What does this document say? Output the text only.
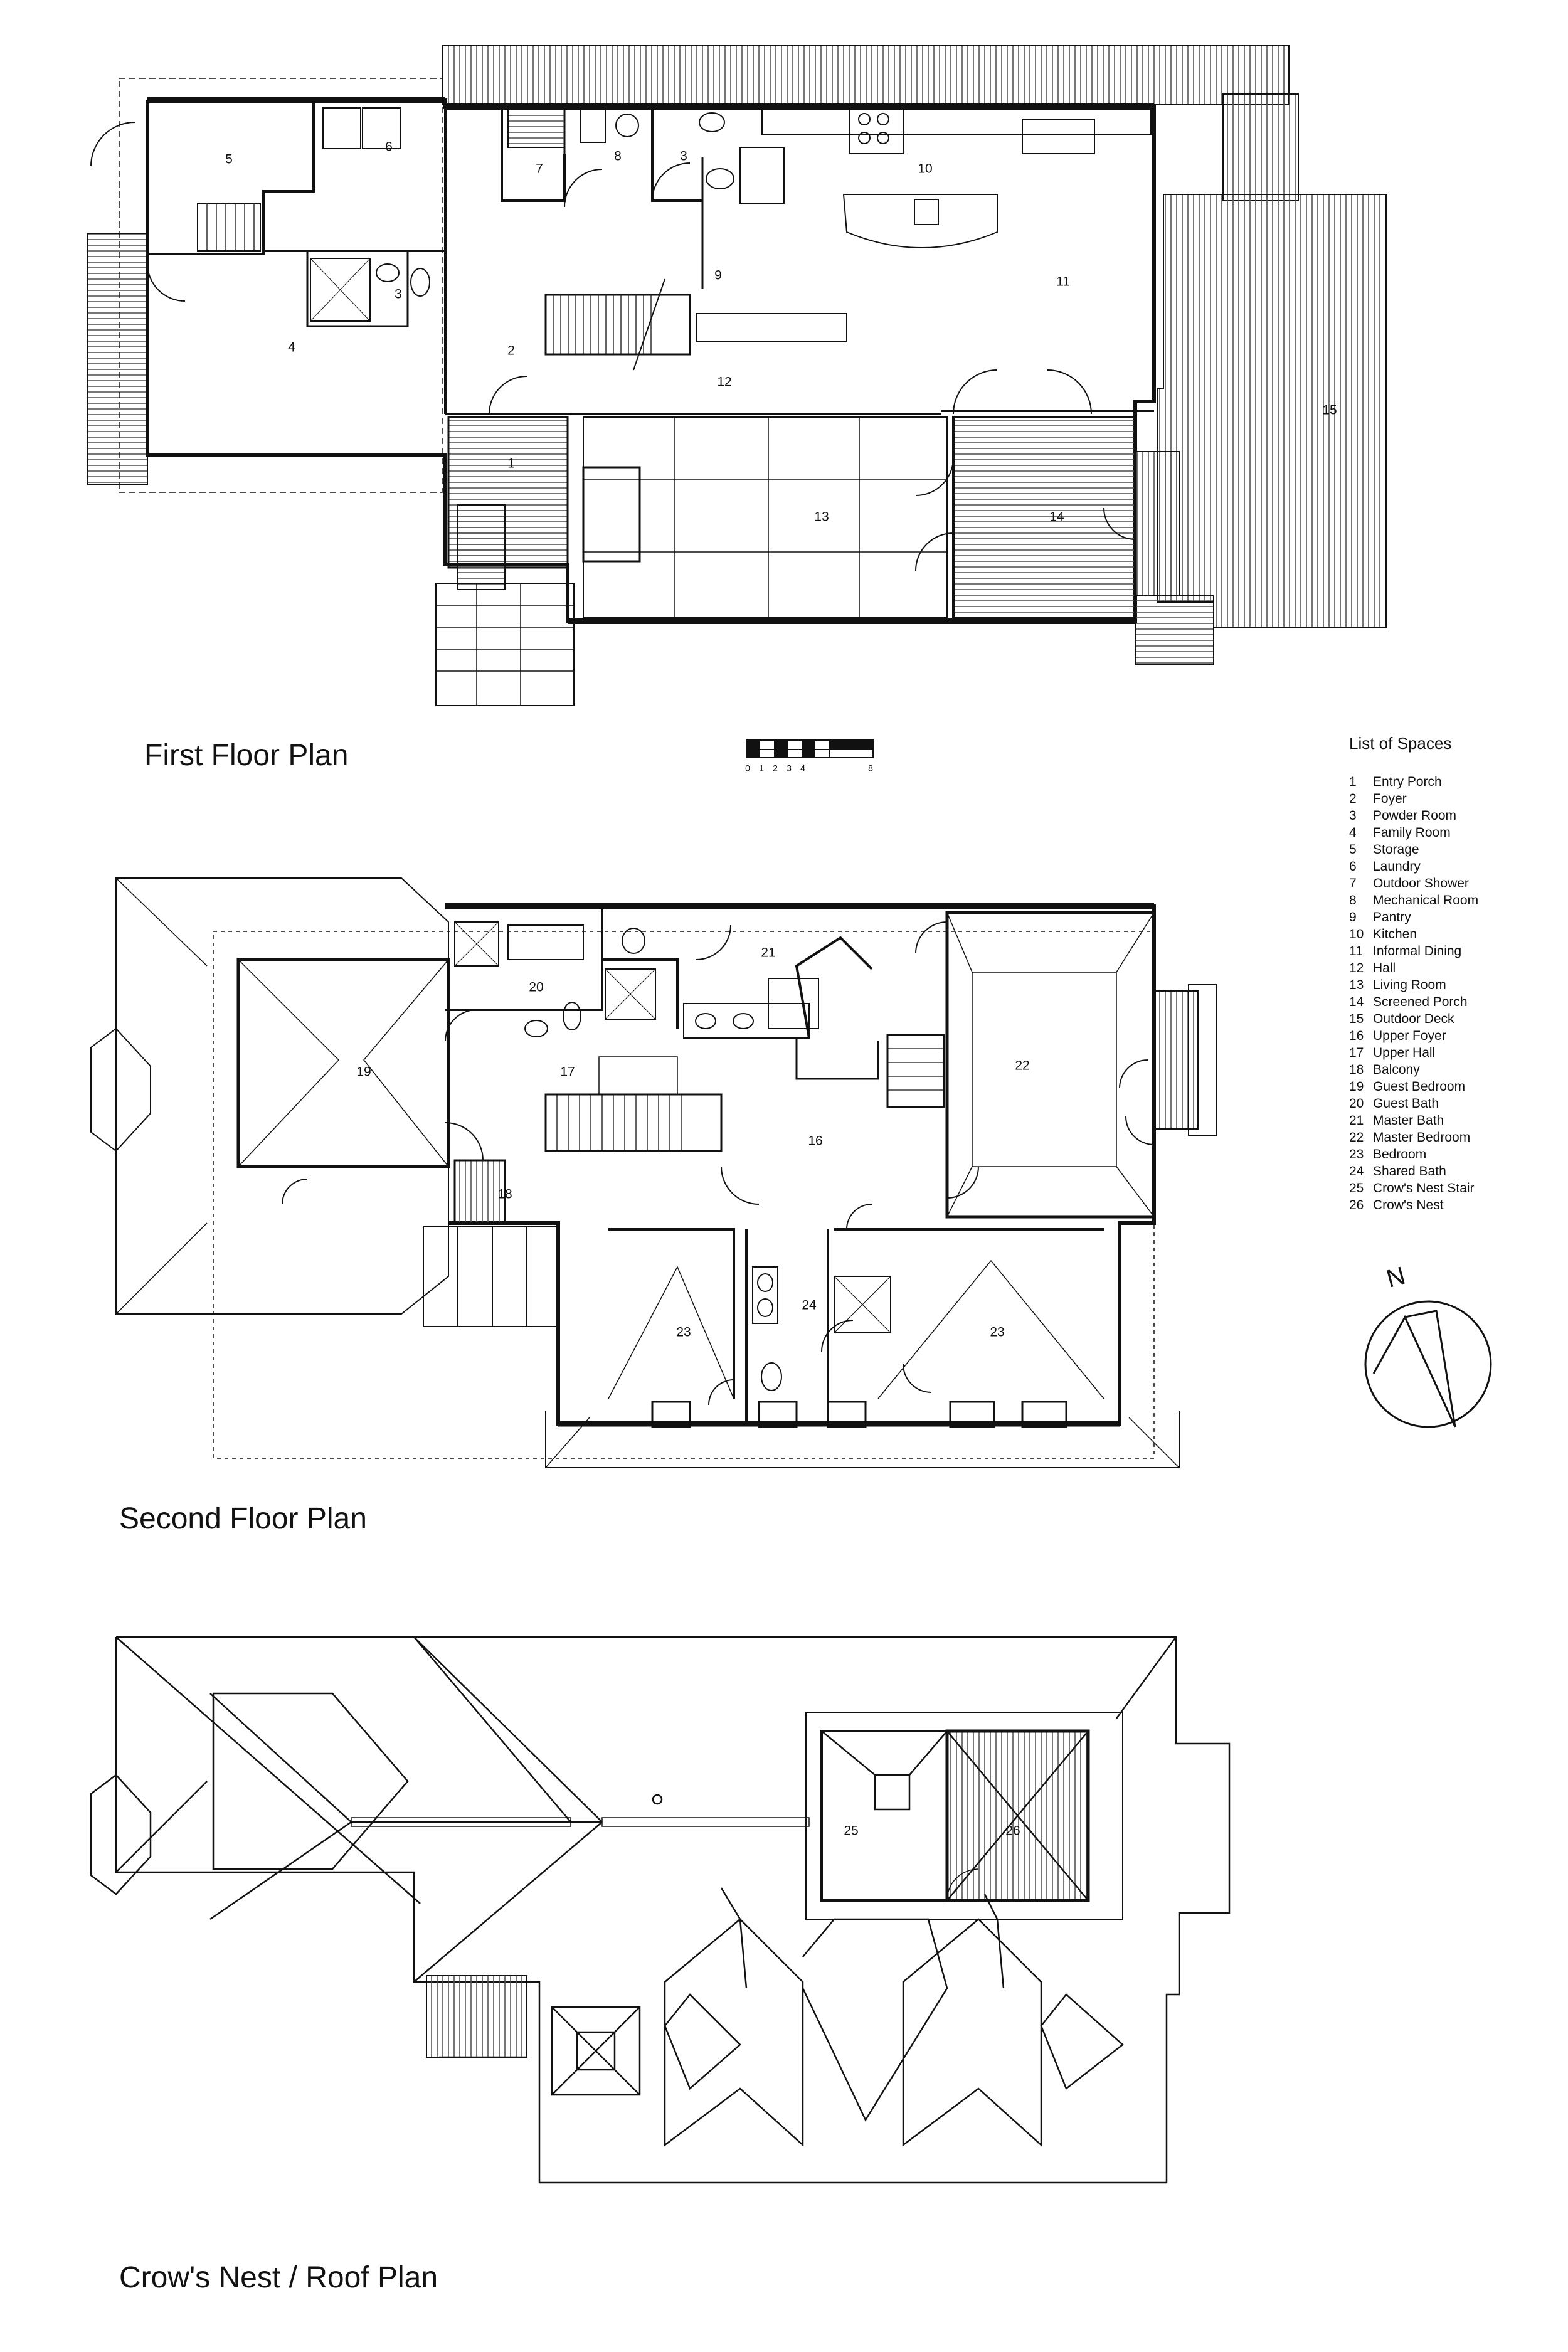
5
6
7
8	3
10
9	11
4
3
2
12
15
1
13	14
21
20
19	17	22
16
18
24
23	23
25	26
0 1 2 3 4	8
N
First Floor Plan
Second Floor Plan
Crow's Nest / Roof Plan
List of Spaces
1 Entry Porch
2 Foyer
3 Powder Room
4 Family Room
5 Storage
6 Laundry
7 Outdoor Shower
8 Mechanical Room
9 Pantry
10 Kitchen
11 Informal Dining
12 Hall
13 Living Room
14 Screened Porch
15 Outdoor Deck
16 Upper Foyer
17 Upper Hall
18 Balcony
19 Guest Bedroom
20 Guest Bath
21 Master Bath
22 Master Bedroom
23 Bedroom
24 Shared Bath
25 Crow's Nest Stair
26 Crow's Nest
